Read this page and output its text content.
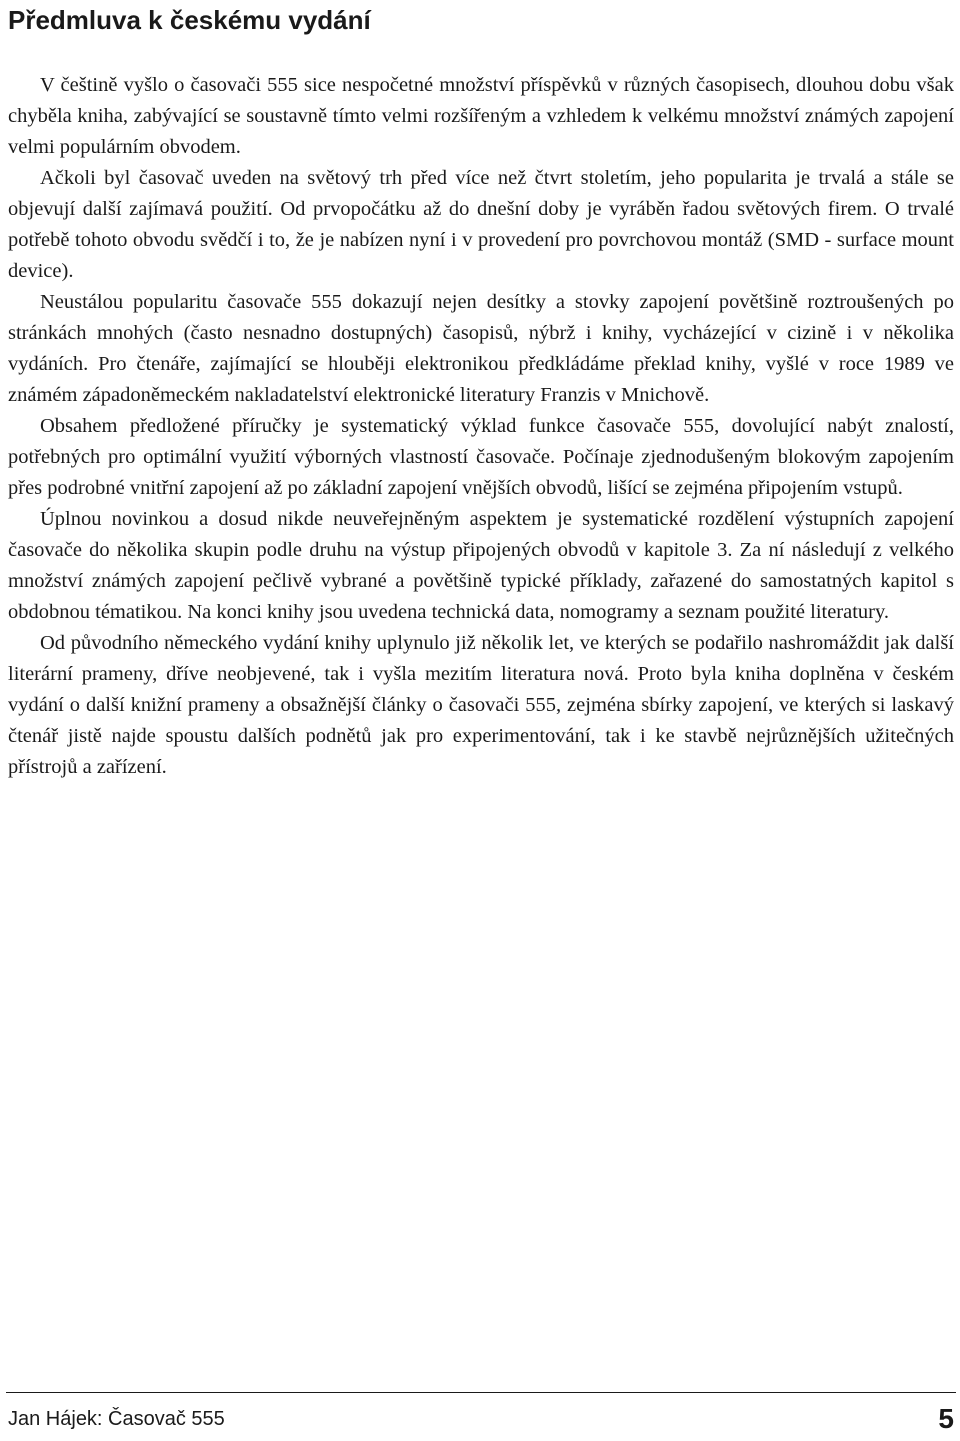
Předmluva k českému vydání

V češtině vyšlo o časovači 555 sice nespočetné množství příspěvků v různých časopisech, dlouhou dobu však chyběla kniha, zabývající se soustavně tímto velmi rozšířeným a vzhledem k velkému množství známých zapojení velmi populárním obvodem.

Ačkoli byl časovač uveden na světový trh před více než čtvrt stoletím, jeho popularita je trvalá a stále se objevují další zajímavá použití. Od prvopočátku až do dnešní doby je vyráběn řadou světových firem. O trvalé potřebě tohoto obvodu svědčí i to, že je nabízen nyní i v provedení pro povrchovou montáž (SMD - surface mount device).

Neustálou popularitu časovače 555 dokazují nejen desítky a stovky zapojení povětšině roztroušených po stránkách mnohých (často nesnadno dostupných) časopisů, nýbrž i knihy, vycházející v cizině i v několika vydáních. Pro čtenáře, zajímající se hlouběji elektronikou předkládáme překlad knihy, vyšlé v roce 1989 ve známém západoněmeckém nakladatelství elektronické literatury Franzis v Mnichově.

Obsahem předložené příručky je systematický výklad funkce časovače 555, dovolující nabýt znalostí, potřebných pro optimální využití výborných vlastností časovače. Počínaje zjednodušeným blokovým zapojením přes podrobné vnitřní zapojení až po základní zapojení vnějších obvodů, lišící se zejména připojením vstupů.

Úplnou novinkou a dosud nikde neuveřejněným aspektem je systematické rozdělení výstupních zapojení časovače do několika skupin podle druhu na výstup připojených obvodů v kapitole 3. Za ní následují z velkého množství známých zapojení pečlivě vybrané a povětšině typické příklady, zařazené do samostatných kapitol s obdobnou tématikou. Na konci knihy jsou uvedena technická data, nomogramy a seznam použité literatury.

Od původního německého vydání knihy uplynulo již několik let, ve kterých se podařilo nashromáždit jak další literární prameny, dříve neobjevené, tak i vyšla mezitím literatura nová. Proto byla kniha doplněna v českém vydání o další knižní prameny a obsažnější články o časovači 555, zejména sbírky zapojení, ve kterých si laskavý čtenář jistě najde spoustu dalších podnětů jak pro experimentování, tak i ke stavbě nejrůznějších užitečných přístrojů a zařízení.

Jan Hájek: Časovač 555	5
